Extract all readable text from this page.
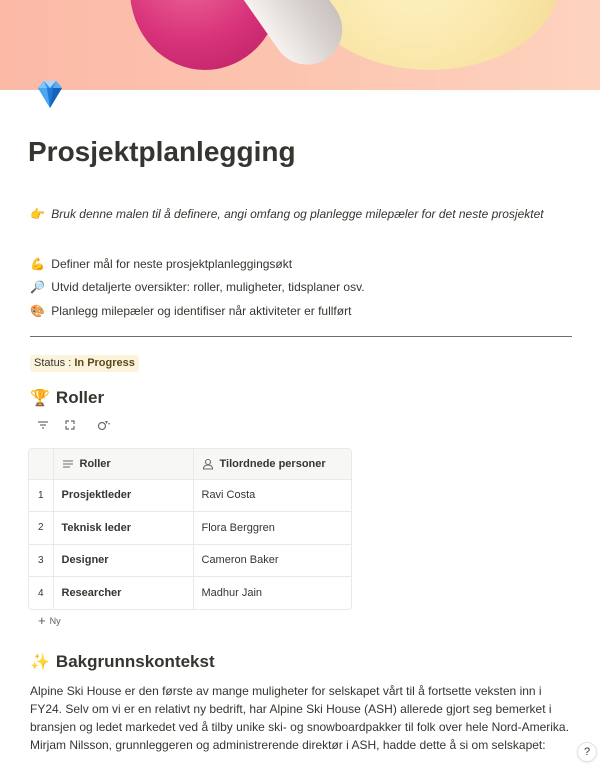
Prosjektplanlegging
👉 Bruk denne malen til å definere, angi omfang og planlegge milepæler for det neste prosjektet
💪 Definer mål for neste prosjektplanleggingsøkt
🔎 Utvid detaljerte oversikter: roller, muligheter, tidsplaner osv.
🎨 Planlegg milepæler og identifiser når aktiviteter er fullført
Status : In Progress
🏆 Roller
	Roller	Tilordnede personer
1	Prosjektleder	Ravi Costa
2	Teknisk leder	Flora Berggren
3	Designer	Cameron Baker
4	Researcher	Madhur Jain
+ Ny
✨ Bakgrunnskontekst

Alpine Ski House er den første av mange muligheter for selskapet vårt til å fortsette veksten inn i FY24. Selv om vi er en relativt ny bedrift, har Alpine Ski House (ASH) allerede gjort seg bemerket i bransjen og ledet markedet ved å tilby unike ski- og snowboardpakker til folk over hele Nord-Amerika. Mirjam Nilsson, grunnleggeren og administrerende direktør i ASH, hadde dette å si om selskapet:	?
